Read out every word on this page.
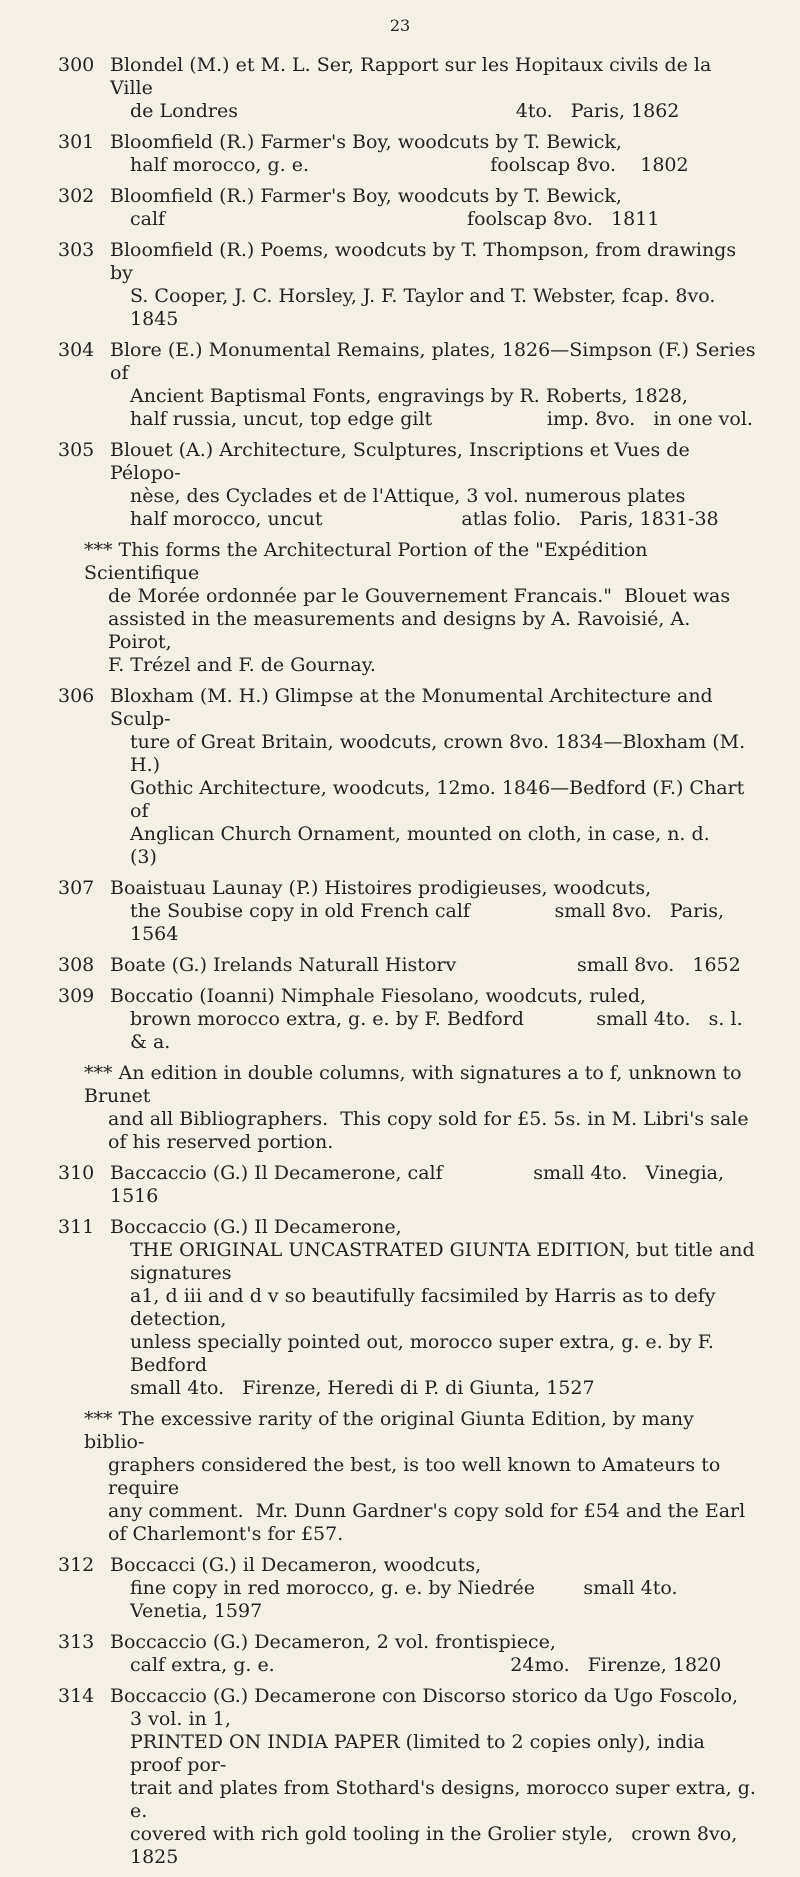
23
300 Blondel (M.) et M. L. Ser, Rapport sur les Hopitaux civils de la Ville
de Londres                                              4to.   Paris, 1862
301 Bloomfield (R.) Farmer's Boy, woodcuts by T. Bewick,
half morocco, g. e.                              foolscap 8vo.    1802
302 Bloomfield (R.) Farmer's Boy, woodcuts by T. Bewick,
calf                                                  foolscap 8vo.   1811
303 Bloomfield (R.) Poems, woodcuts by T. Thompson, from drawings by
S. Cooper, J. C. Horsley, J. F. Taylor and T. Webster, fcap. 8vo. 1845
304 Blore (E.) Monumental Remains, plates, 1826—Simpson (F.) Series of
Ancient Baptismal Fonts, engravings by R. Roberts, 1828,
half russia, uncut, top edge gilt                   imp. 8vo.   in one vol.
305 Blouet (A.) Architecture, Sculptures, Inscriptions et Vues de Pélopo-
nèse, des Cyclades et de l'Attique, 3 vol. numerous plates
half morocco, uncut                       atlas folio.   Paris, 1831-38
*** This forms the Architectural Portion of the "Expédition Scientifique
de Morée ordonnée par le Gouvernement Francais."  Blouet was
assisted in the measurements and designs by A. Ravoisié, A. Poirot,
F. Trézel and F. de Gournay.
306 Bloxham (M. H.) Glimpse at the Monumental Architecture and Sculp-
ture of Great Britain, woodcuts, crown 8vo. 1834—Bloxham (M. H.)
Gothic Architecture, woodcuts, 12mo. 1846—Bedford (F.) Chart of
Anglican Church Ornament, mounted on cloth, in case, n. d.       (3)
307 Boaistuau Launay (P.) Histoires prodigieuses, woodcuts,
the Soubise copy in old French calf              small 8vo.   Paris, 1564
308 Boate (G.) Irelands Naturall Historv                    small 8vo.   1652
309 Boccatio (Ioanni) Nimphale Fiesolano, woodcuts, ruled,
brown morocco extra, g. e. by F. Bedford            small 4to.   s. l. & a.
*** An edition in double columns, with signatures a to f, unknown to Brunet
and all Bibliographers.  This copy sold for £5. 5s. in M. Libri's sale
of his reserved portion.
310 Baccaccio (G.) Il Decamerone, calf               small 4to.   Vinegia, 1516
311 Boccaccio (G.) Il Decamerone,
THE ORIGINAL UNCASTRATED GIUNTA EDITION, but title and signatures
a1, d iii and d v so beautifully facsimiled by Harris as to defy detection,
unless specially pointed out, morocco super extra, g. e. by F. Bedford
small 4to.   Firenze, Heredi di P. di Giunta, 1527
*** The excessive rarity of the original Giunta Edition, by many biblio-
graphers considered the best, is too well known to Amateurs to require
any comment.  Mr. Dunn Gardner's copy sold for £54 and the Earl
of Charlemont's for £57.
312 Boccacci (G.) il Decameron, woodcuts,
fine copy in red morocco, g. e. by Niedrée        small 4to.   Venetia, 1597
313 Boccaccio (G.) Decameron, 2 vol. frontispiece,
calf extra, g. e.                                       24mo.   Firenze, 1820
314 Boccaccio (G.) Decamerone con Discorso storico da Ugo Foscolo,
3 vol. in 1,
PRINTED ON INDIA PAPER (limited to 2 copies only), india proof por-
trait and plates from Stothard's designs, morocco super extra, g. e.
covered with rich gold tooling in the Grolier style,   crown 8vo, 1825
